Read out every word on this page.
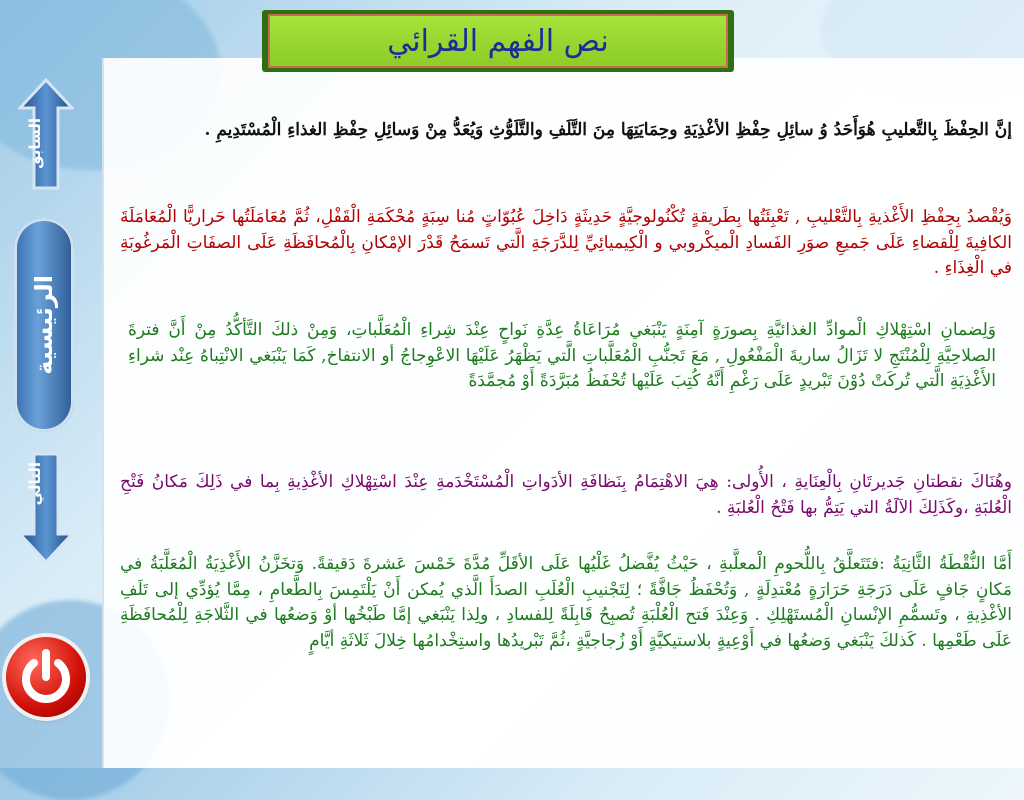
السابق
الرئيسية
التالي
نص الفهم القرائي
إنَّ الحِفْظَ بِالتَّعليبِ هُوَأَحَدُ وُ سائِلِ حِفْظِ الأغْذِيَةِ وحِمَايَتِهَا مِنَ التَّلَفِ والتَّلَوُّثِ وَيُعَدُّ مِنْ وَسائِلِ حِفْظِ الغذاءِ الْمُسْتَدِيمِ .
وَيُقْصدُ بِحِفْظِ الأَغْذيةِ بِالتَّعْليبِ , تَعْبِئَتُها بِطَريقةٍ تُكْنُولوجيَّةٍ حَدِيثَةٍ دَاخِلَ عُبُوّاتٍ مُنا سِبَةٍ مُحْكَمَةِ الْقَفْلِ، ثُمَّ مُعَامَلَتُها حَراريًّا الْمُعَامَلَةَ الكافِيةَ لِلْقضاءِ عَلَى جَميعِ صوَرِ الفَسادِ الْميكْروبي و الْكِيميائِيِّ لِلدَّرَجَةِ الَّتي تَسمَحُ قَدْرَ الإمْكانِ بِالْمُحافَظَةِ عَلَى الصفَاتِ الْمَرغُوبَةِ في الْغِذَاءِ .
وَلِضمانِ اسْتِهْلاكِ الْموادِّ الغذائيَّةِ بِصورَةٍ آمِنَةٍ يَنْبَغي مُرَاعَاةُ عِدَّةِ نَواحٍ عِنْدَ شِراءِ الْمُعَلَّباتِ، وَمِنْ ذلكَ التَّأكُّدُ مِنْ أَنَّ فترةَ الصلاحِيَّةِ لِلْمُنْتَجِ لا تَزَالُ ساريةَ الْمَفْعُولِ , مَعَ تَجنُّبِ الْمُعَلَّباتِ الَّتي يَظْهَرُ عَلَيْهَا الاعْوِجاجُ أو الانتفاخ, كَمَا يَنْبَغي الانْتِباهُ عِنْد شراءِ الأَغْذِيَةِ الَّتي تُركَتْ دُوْنَ تَبْريدٍ عَلَى رَغْمِ أَنَّهُ كُتِبَ عَلَيْها تُحْفَظُ مُبَرَّدَةً أَوْ مُجمَّدَةً
وهُنَاكَ نقطتانِ جَديرتَانِ بِالْعِنَايةِ ، الأُولى: هِيَ الاهْتِمَامُ بِنَظافَةِ الأدَواتِ الْمُسْتَخْدَمةِ عِنْدَ اسْتِهْلاكِ الأغْذِيةِ بِما في ذَلِكَ مَكانُ فَتْحِ الْعُلبَةِ ،وكَذَلِكَ الآلَةُ التي يَتِمُّ بها فَتْحُ الْعُلبَةِ .
أَمَّا النُّقْطَةُ الثَّانِيَةُ :فتَتَعلَّقُ بِاللُّحومِ الْمعلَّبةِ ، حَيْثُ يُفَّضلُ غَلْيُها عَلَى الأقَلِّ مُدَّةَ خَمْسَ عَشرةَ دَقيقةً. وَتخَزَّنُ الأَغْذِيَةُ الْمُعَلَّبَةُ في مَكانٍ جَافٍ عَلَى دَرَجَةِ حَرَارَةٍ مُعْتدِلَةٍ , وَتُحْفَظُ جَافَّةً ؛ لِتَجْنيبِ الْعُلَبِ الصدَأَ الَّذي يُمكن أَنْ يَلْتَمِسَ بِالطَّعامِ ، مِمَّا يُؤدِّي إلى تَلَفِ الأغْذِيةِ ، وتَسمُّمِ الإنْسانِ الْمُستَهْلِكِ . وَعِنْدَ فَتح الْعُلْبَةِ تُصبِحُ قَابِلَةً لِلفسادِ ، ولِذا يَنْبَغي إمَّا طَبْخُها أوْ وَضعُها في الثَّلاجَةِ لِلْمُحافَظَةِ عَلَى طَعْمِها . كَذلكَ يَنْبَغي وَضعُها في أَوْعِيةٍ بلاستيكيَّةٍ أَوْ زُجاجيَّةٍ ،ثُمَّ تَبْريدُها واستِخْدامُها خِلالَ ثَلاثَةِ أيَّامٍ
